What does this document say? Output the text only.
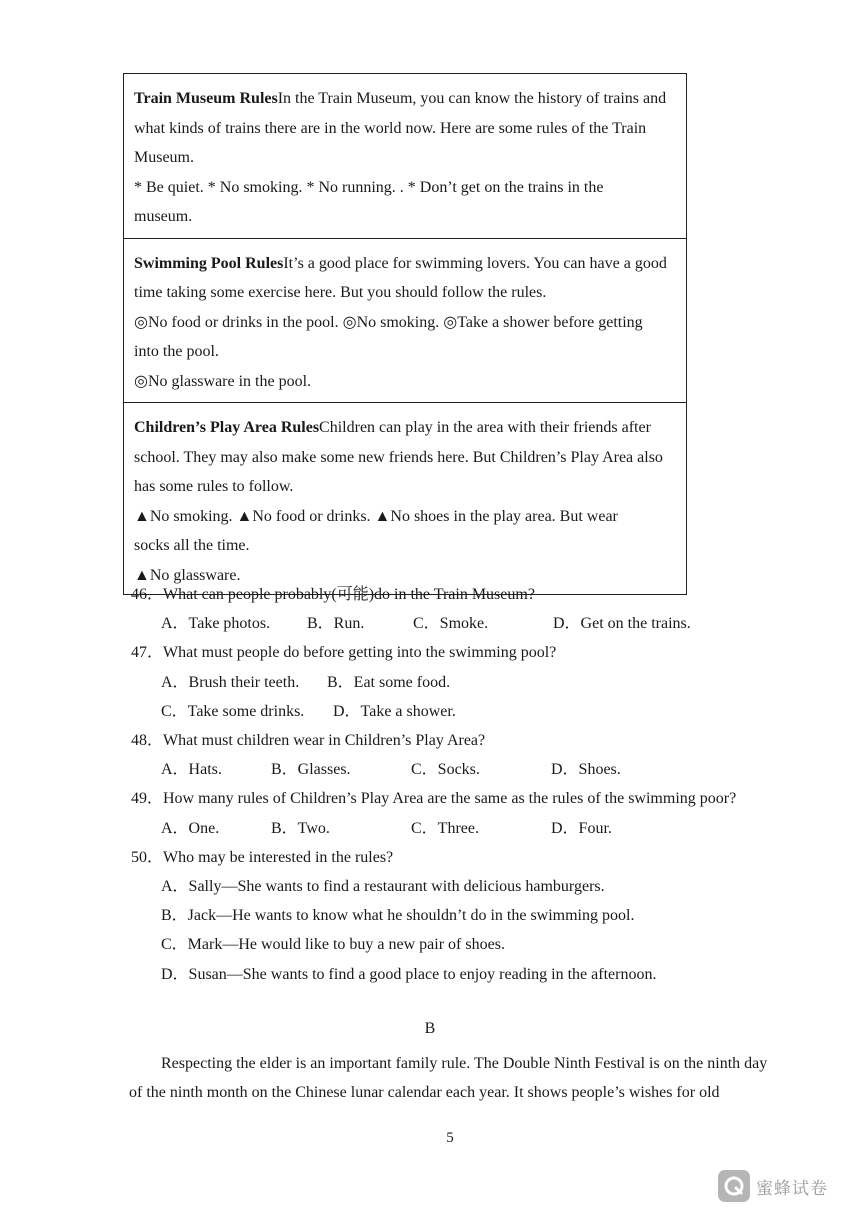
Train Museum RulesIn the Train Museum, you can know the history of trains and
what kinds of trains there are in the world now. Here are some rules of the Train
Museum.
* Be quiet. * No smoking. * No running. . * Don’t get on the trains in the
museum.
Swimming Pool RulesIt’s a good place for swimming lovers. You can have a good
time taking some exercise here. But you should follow the rules.
◎No food or drinks in the pool. ◎No smoking. ◎Take a shower before getting
into the pool.
◎No glassware in the pool.
Children’s Play Area RulesChildren can play in the area with their friends after
school. They may also make some new friends here. But Children’s Play Area also
has some rules to follow.
▲No smoking. ▲No food or drinks. ▲No shoes in the play area. But wear
socks all the time.
▲No glassware.
46．What can people probably(可能)do in the Train Museum?
A．Take photos.	B．Run.	C．Smoke.	D．Get on the trains.
47．What must people do before getting into the swimming pool?
A．Brush their teeth.	B．Eat some food.
C．Take some drinks.	D．Take a shower.
48．What must children wear in Children’s Play Area?
A．Hats.	B．Glasses.	C．Socks.	D．Shoes.
49．How many rules of Children’s Play Area are the same as the rules of the swimming poor?
A．One.	B．Two.	C．Three.	D．Four.
50．Who may be interested in the rules?
A．Sally—She wants to find a restaurant with delicious hamburgers.
B．Jack—He wants to know what he shouldn’t do in the swimming pool.
C．Mark—He would like to buy a new pair of shoes.
D．Susan—She wants to find a good place to enjoy reading in the afternoon.
B
Respecting the elder is an important family rule. The Double Ninth Festival is on the ninth day
of the ninth month on the Chinese lunar calendar each year. It shows people’s wishes for old
5
蜜蜂试卷
